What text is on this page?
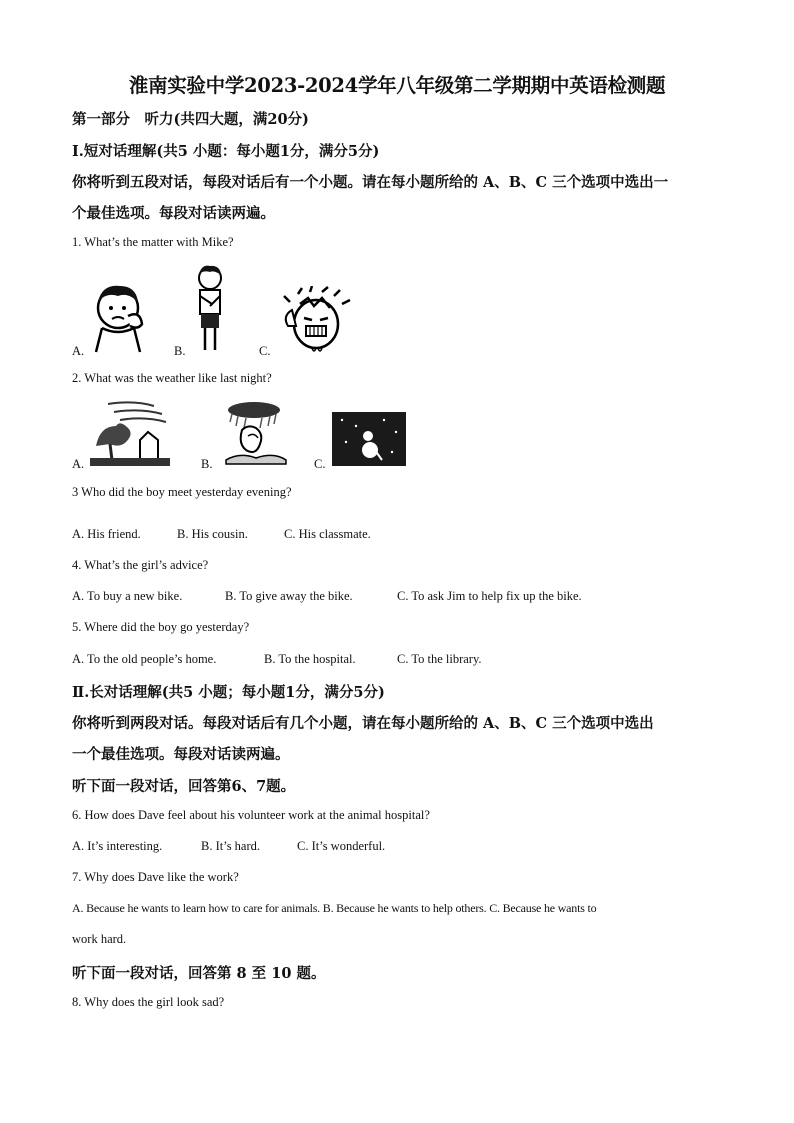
淮南实验中学2023-2024学年八年级第二学期期中英语检测题
第一部分　听力(共四大题，满20分)
Ⅰ.短对话理解(共5 小题：每小题1分，满分5分)
你将听到五段对话，每段对话后有一个小题。请在每小题所给的 A、B、C 三个选项中选出一
个最佳选项。每段对话读两遍。
1. What’s the matter with Mike?
A.	B.	C.
2. What was the weather like last night?
A.	B.	C.
3 Who did the boy meet yesterday evening?
A. His friend.	B. His cousin.	C. His classmate.
4. What’s the girl’s advice?
A. To buy a new bike.	B. To give away the bike.	C. To ask Jim to help fix up the bike.
5. Where did the boy go yesterday?
A. To the old people’s home.	B. To the hospital.	C. To the library.
Ⅱ.长对话理解(共5 小题；每小题1分，满分5分)
你将听到两段对话。每段对话后有几个小题，请在每小题所给的 A、B、C 三个选项中选出
一个最佳选项。每段对话读两遍。
听下面一段对话，回答第6、7题。
6. How does Dave feel about his volunteer work at the animal hospital?
A. It’s interesting.	B. It’s hard.	C. It’s wonderful.
7. Why does Dave like the work?
A. Because he wants to learn how to care for animals. B. Because he wants to help others. C. Because he wants to
work hard.
听下面一段对话，回答第 8 至 10 题。
8. Why does the girl look sad?
